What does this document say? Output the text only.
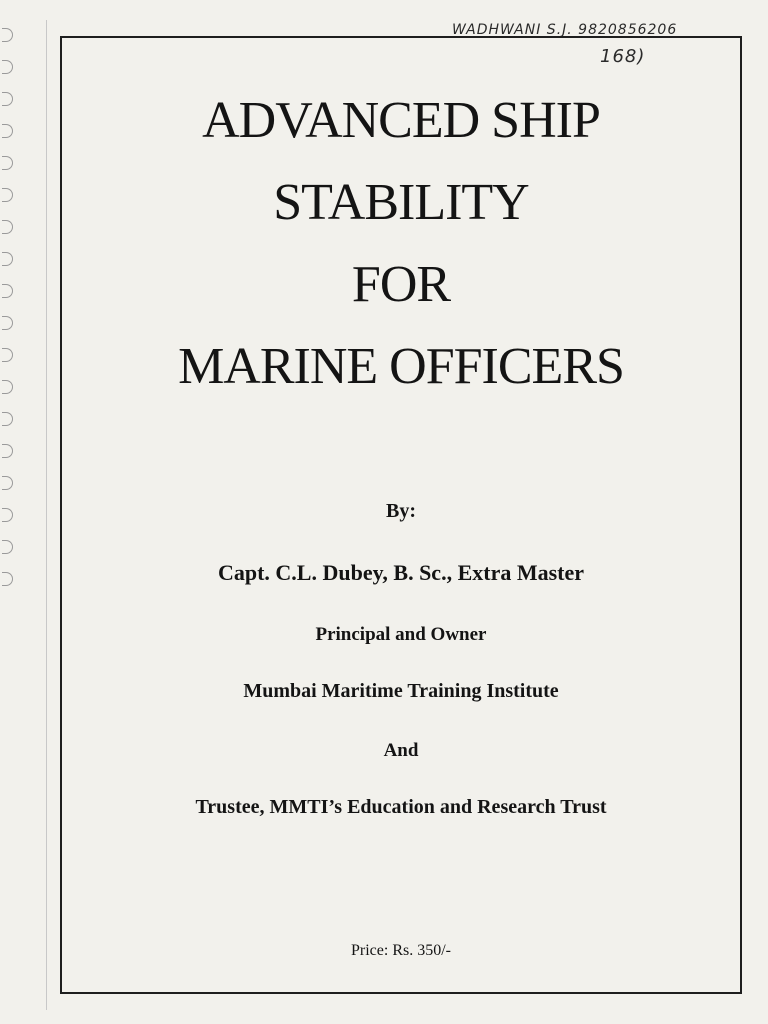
WADHWANI S.J. 9820856206
168)
ADVANCED SHIP
STABILITY
FOR
MARINE OFFICERS

By:

Capt. C.L. Dubey, B. Sc., Extra Master

Principal and Owner

Mumbai Maritime Training Institute

And

Trustee, MMTI’s Education and Research Trust

Price: Rs. 350/-
